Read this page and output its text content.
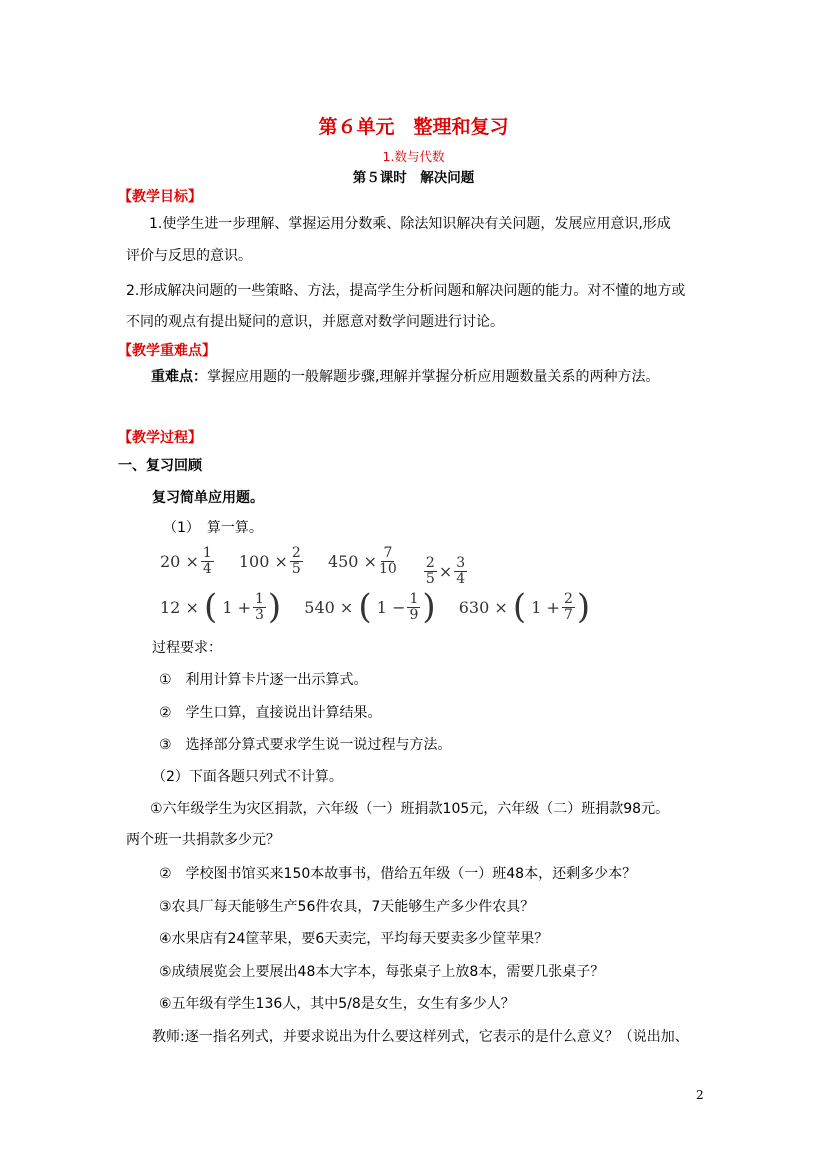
第６单元　整理和复习
1.数与代数
第５课时　解决问题
【教学目标】
1.使学生进一步理解、掌握运用分数乘、除法知识解决有关问题，发展应用意识,形成
评价与反思的意识。
2.形成解决问题的一些策略、方法，提高学生分析问题和解决问题的能力。对不懂的地方或
不同的观点有提出疑问的意识，并愿意对数学问题进行讨论。
【教学重难点】
重难点：掌握应用题的一般解题步骤,理解并掌握分析应用题数量关系的两种方法。
【教学过程】
一、复习回顾
复习简单应用题。
（1）　算一算。
20
× $\frac{1}{4}$
100
× $\frac{2}{5}$
450
× $\frac{7}{10}$
$\frac{2}{5} \times \frac{3}{4}$
12
×
(
1
+ $\frac{1}{3}$ )
540
×
(
1
− $\frac{1}{9}$ )
630
×
(
1
+ $\frac{2}{7}$ )
过程要求：
①　利用计算卡片逐一出示算式。
②　学生口算，直接说出计算结果。
③　选择部分算式要求学生说一说过程与方法。
（2）下面各题只列式不计算。
①六年级学生为灾区捐款，六年级（一）班捐款105元，六年级（二）班捐款98元。
两个班一共捐款多少元？
②　学校图书馆买来150本故事书，借给五年级（一）班48本，还剩多少本？
③农具厂每天能够生产56件农具，7天能够生产多少件农具？
④水果店有24筐苹果，要6天卖完，平均每天要卖多少筐苹果？
⑤成绩展览会上要展出48本大字本，每张桌子上放8本，需要几张桌子？
⑥五年级有学生136人，其中5/8是女生，女生有多少人？
教师:逐一指名列式，并要求说出为什么要这样列式，它表示的是什么意义？（说出加、
2
